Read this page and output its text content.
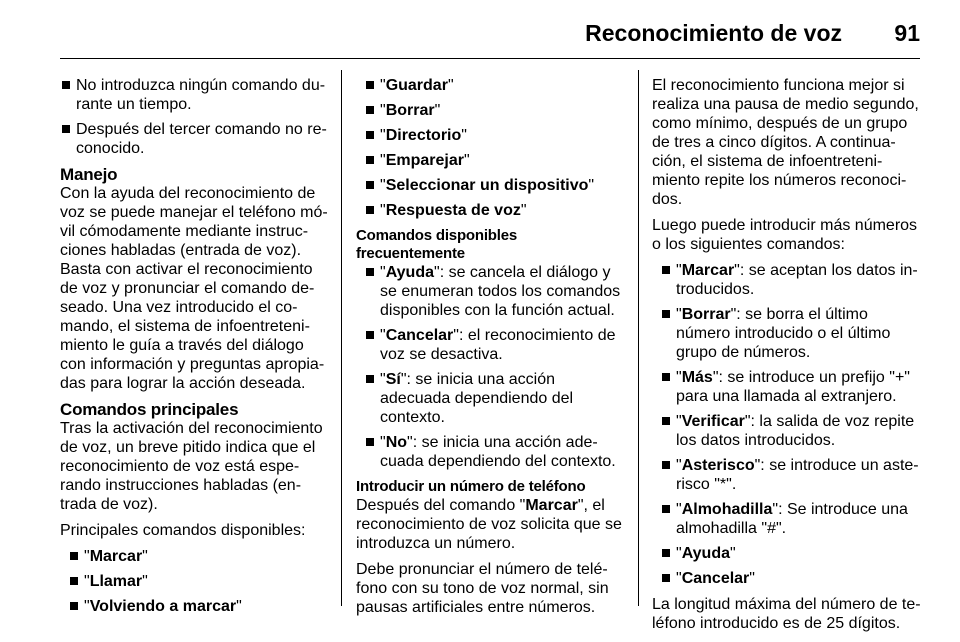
Reconocimiento de voz 91
No introduzca ningún comando durante un tiempo.
Después del tercer comando no reconocido.
Manejo

Con la ayuda del reconocimiento de voz se puede manejar el teléfono móvil cómodamente mediante instrucciones habladas (entrada de voz). Basta con activar el reconocimiento de voz y pronunciar el comando deseado. Una vez introducido el comando, el sistema de infoentretenimiento le guía a través del diálogo con información y preguntas apropiadas para lograr la acción deseada.

Comandos principales

Tras la activación del reconocimiento de voz, un breve pitido indica que el reconocimiento de voz está esperando instrucciones habladas (entrada de voz).

Principales comandos disponibles:

"Marcar"
"Llamar"
"Volviendo a marcar"
"Guardar"
"Borrar"
"Directorio"
"Emparejar"
"Seleccionar un dispositivo"
"Respuesta de voz"
Comandos disponibles frecuentemente
"Ayuda": se cancela el diálogo y se enumeran todos los comandos disponibles con la función actual.
"Cancelar": el reconocimiento de voz se desactiva.
"Sí": se inicia una acción adecuada dependiendo del contexto.
"No": se inicia una acción adecuada dependiendo del contexto.
Introducir un número de teléfono

Después del comando "Marcar", el reconocimiento de voz solicita que se introduzca un número.

Debe pronunciar el número de teléfono con su tono de voz normal, sin pausas artificiales entre números.

El reconocimiento funciona mejor si realiza una pausa de medio segundo, como mínimo, después de un grupo de tres a cinco dígitos. A continuación, el sistema de infoentretenimiento repite los números reconocidos.

Luego puede introducir más números o los siguientes comandos:

"Marcar": se aceptan los datos introducidos.
"Borrar": se borra el último número introducido o el último grupo de números.
"Más": se introduce un prefijo "+" para una llamada al extranjero.
"Verificar": la salida de voz repite los datos introducidos.
"Asterisco": se introduce un asterisco "*".
"Almohadilla": Se introduce una almohadilla "#".
"Ayuda"
"Cancelar"

La longitud máxima del número de teléfono introducido es de 25 dígitos.
